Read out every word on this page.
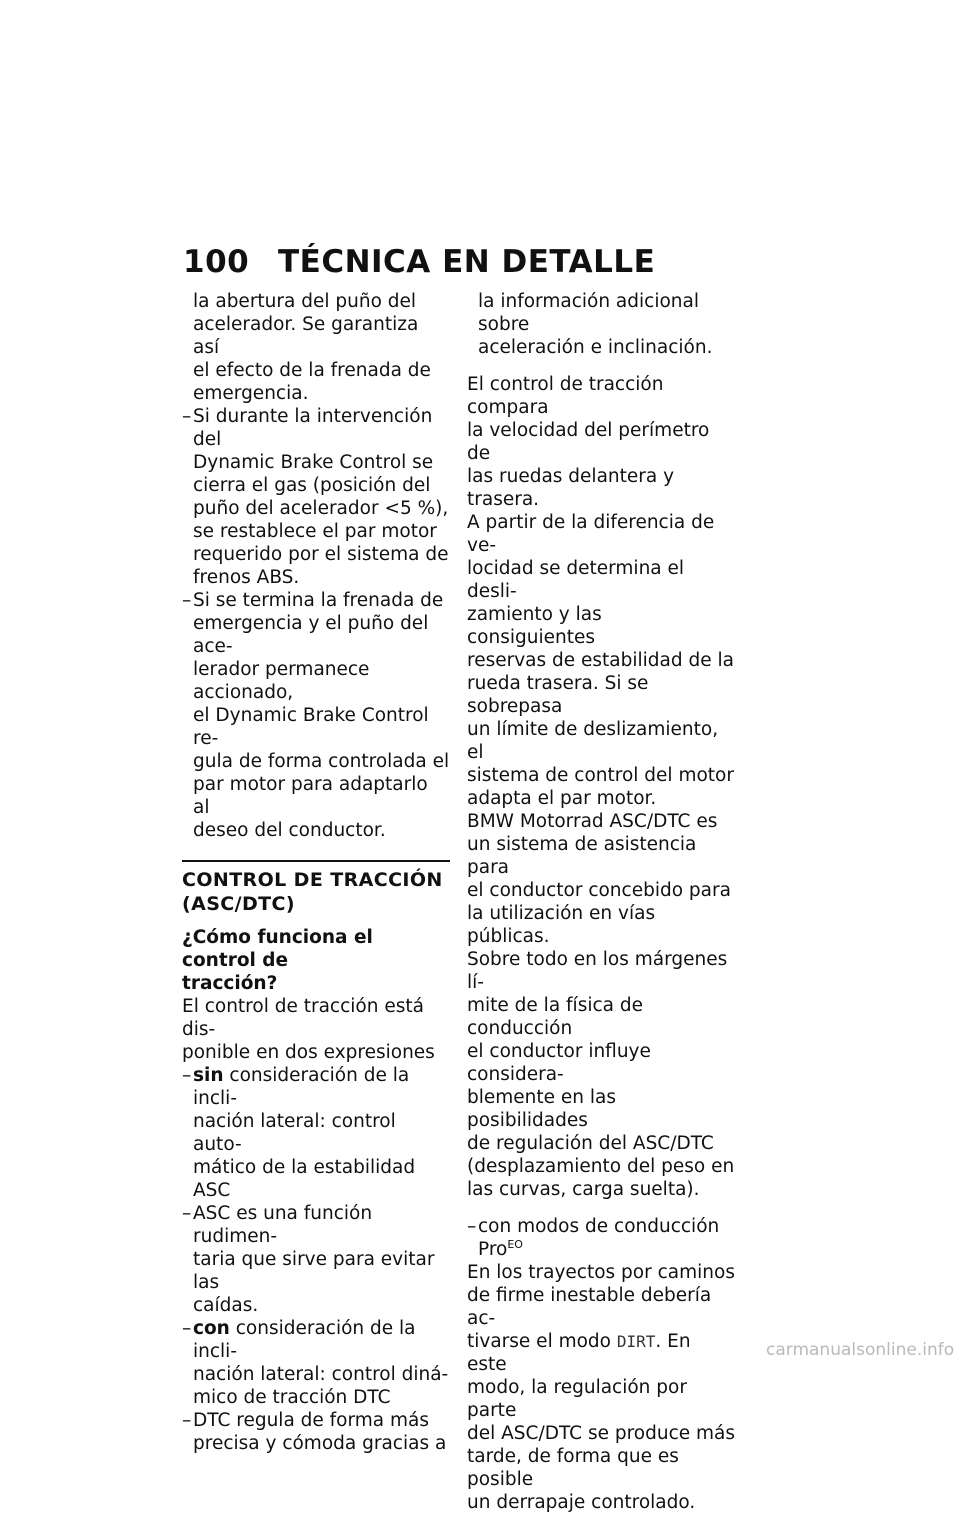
100 TÉCNICA EN DETALLE
la abertura del puño del
acelerador. Se garantiza así
el efecto de la frenada de
emergencia.
– Si durante la intervención del
Dynamic Brake Control se
cierra el gas (posición del
puño del acelerador <5 %),
se restablece el par motor
requerido por el sistema de
frenos ABS.
– Si se termina la frenada de
emergencia y el puño del ace-
lerador permanece accionado,
el Dynamic Brake Control re-
gula de forma controlada el
par motor para adaptarlo al
deseo del conductor.
CONTROL DE TRACCIÓN
(ASC/DTC)
¿Cómo funciona el control de
tracción?
El control de tracción está dis-
ponible en dos expresiones
– sin consideración de la incli-
nación lateral: control auto-
mático de la estabilidad ASC
– ASC es una función rudimen-
taria que sirve para evitar las
caídas.
– con consideración de la incli-
nación lateral: control diná-
mico de tracción DTC
– DTC regula de forma más
precisa y cómoda gracias a
la información adicional sobre
aceleración e inclinación.
El control de tracción compara
la velocidad del perímetro de
las ruedas delantera y trasera.
A partir de la diferencia de ve-
locidad se determina el desli-
zamiento y las consiguientes
reservas de estabilidad de la
rueda trasera. Si se sobrepasa
un límite de deslizamiento, el
sistema de control del motor
adapta el par motor.
BMW Motorrad ASC/DTC es
un sistema de asistencia para
el conductor concebido para
la utilización en vías públicas.
Sobre todo en los márgenes lí-
mite de la física de conducción
el conductor influye considera-
blemente en las posibilidades
de regulación del ASC/DTC
(desplazamiento del peso en
las curvas, carga suelta).
– con modos de conducción
Pro$^{EO}$
En los trayectos por caminos
de firme inestable debería ac-
tivarse el modo DIRT. En este
modo, la regulación por parte
del ASC/DTC se produce más
tarde, de forma que es posible
un derrapaje controlado.
carmanualsonline.info
